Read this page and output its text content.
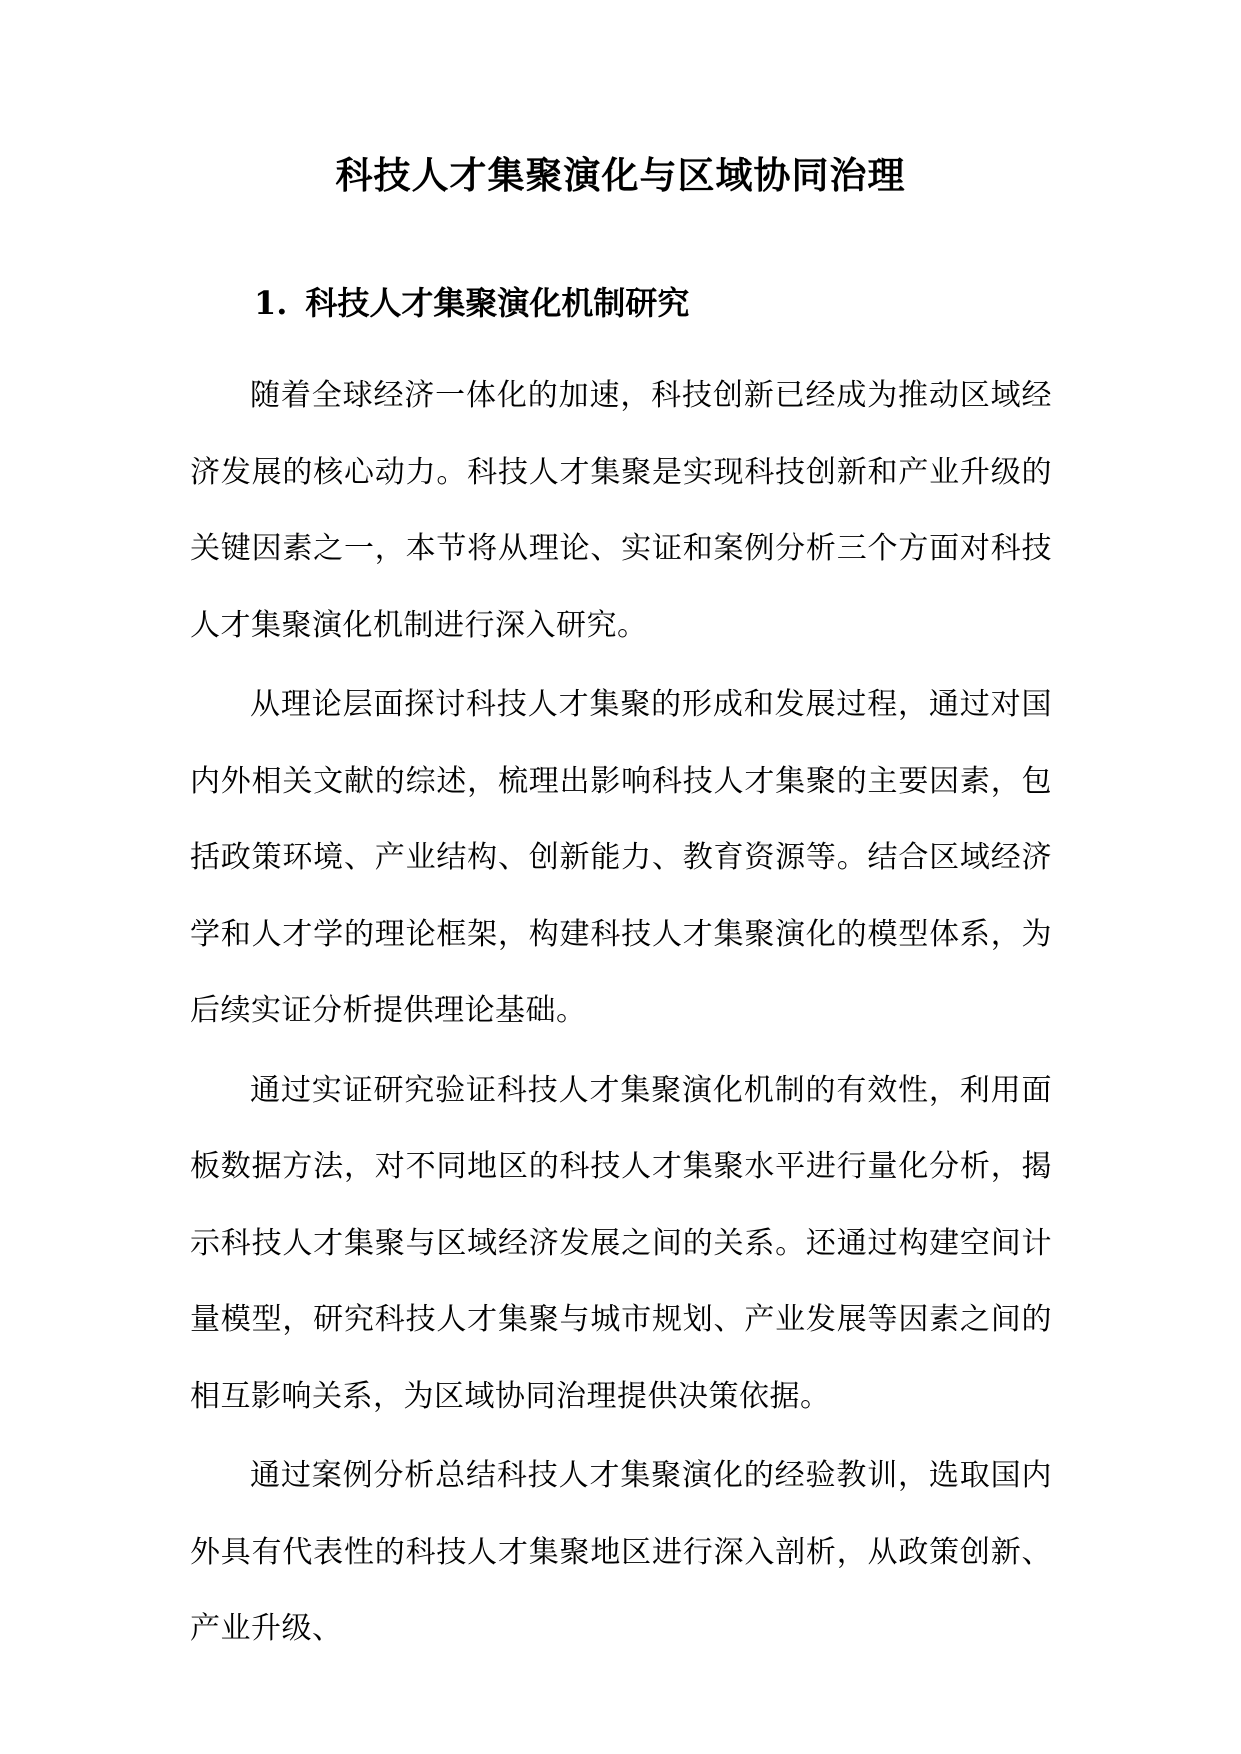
科技人才集聚演化与区域协同治理
1. 科技人才集聚演化机制研究

随着全球经济一体化的加速，科技创新已经成为推动区域经济发展的核心动力。科技人才集聚是实现科技创新和产业升级的关键因素之一，本节将从理论、实证和案例分析三个方面对科技人才集聚演化机制进行深入研究。

从理论层面探讨科技人才集聚的形成和发展过程，通过对国内外相关文献的综述，梳理出影响科技人才集聚的主要因素，包括政策环境、产业结构、创新能力、教育资源等。结合区域经济学和人才学的理论框架，构建科技人才集聚演化的模型体系，为后续实证分析提供理论基础。

通过实证研究验证科技人才集聚演化机制的有效性，利用面板数据方法，对不同地区的科技人才集聚水平进行量化分析，揭示科技人才集聚与区域经济发展之间的关系。还通过构建空间计量模型，研究科技人才集聚与城市规划、产业发展等因素之间的相互影响关系，为区域协同治理提供决策依据。

通过案例分析总结科技人才集聚演化的经验教训，选取国内外具有代表性的科技人才集聚地区进行深入剖析，从政策创新、产业升级、
